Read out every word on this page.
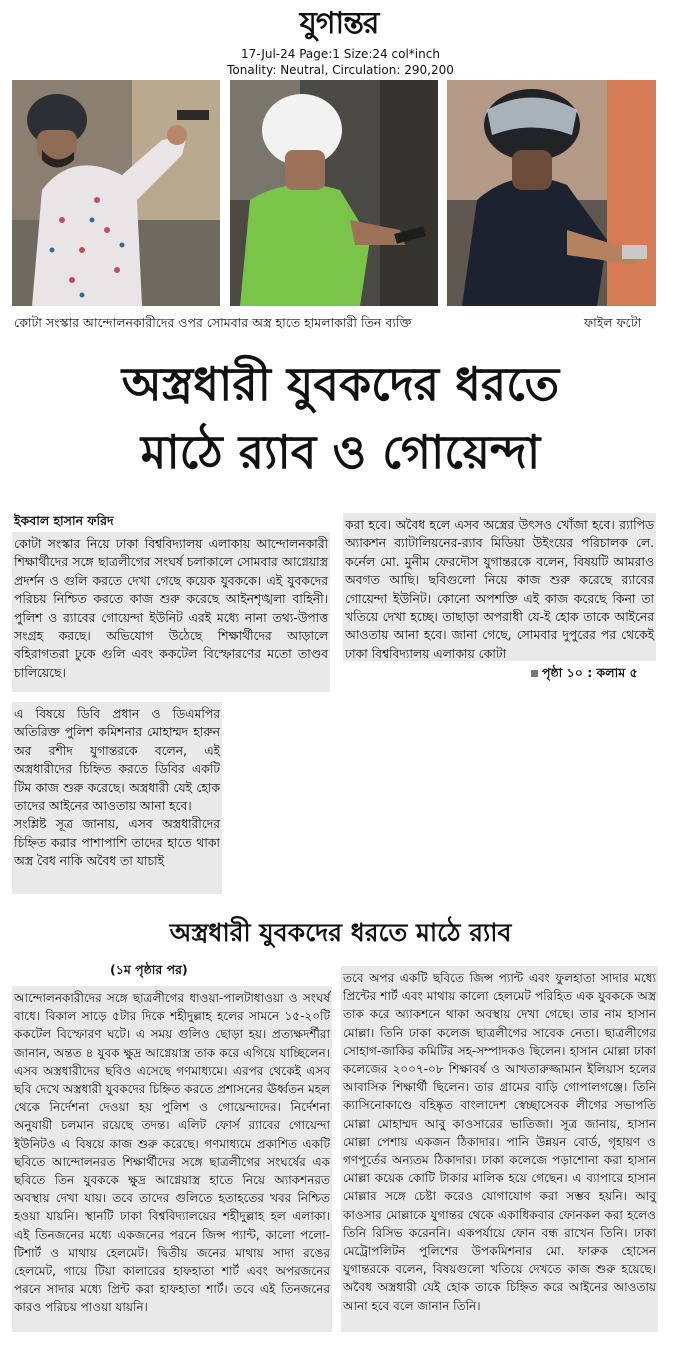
যুগান্তর
17-Jul-24 Page:1 Size:24 col*inch
Tonality: Neutral, Circulation: 290,200
কোটা সংস্কার আন্দোলনকারীদের ওপর সোমবার অস্ত্র হাতে হামলাকারী তিন ব্যক্তি	ফাইল ফটো
অস্ত্রধারী যুবকদের ধরতে
মাঠে র‌্যাব ও গোয়েন্দা
ইকবাল হাসান ফরিদ

কোটা সংস্কার নিয়ে ঢাকা বিশ্ববিদ্যালয় এলাকায় আন্দোলনকারী শিক্ষার্থীদের সঙ্গে ছাত্রলীগের সংঘর্ষ চলাকালে সোমবার আগ্নেয়াস্ত্র প্রদর্শন ও গুলি করতে দেখা গেছে কয়েক যুবককে। এই যুবকদের পরিচয় নিশ্চিত করতে কাজ শুরু করেছে আইনশৃঙ্খলা বাহিনী। পুলিশ ও র‌্যাবের গোয়েন্দা ইউনিট এরই মধ্যে নানা তথ্য-উপাত্ত সংগ্রহ করছে। অভিযোগ উঠেছে শিক্ষার্থীদের আড়ালে বহিরাগতরা ঢুকে গুলি এবং ককটেল বিস্ফোরণের মতো তাণ্ডব চালিয়েছে।

এ বিষয়ে ডিবি প্রধান ও ডিএমপির অতিরিক্ত পুলিশ কমিশনার মোহাম্মদ হারুন অর রশীদ যুগান্তরকে বলেন, এই অস্ত্রধারীদের চিহ্নিত করতে ডিবির একটি টিম কাজ শুরু করেছে। অস্ত্রধারী যেই হোক তাদের আইনের আওতায় আনা হবে।

সংশ্লিষ্ট সূত্র জানায়, এসব অস্ত্রধারীদের চিহ্নিত করার পাশাপাশি তাদের হাতে থাকা অস্ত্র বৈধ নাকি অবৈধ তা যাচাই

করা হবে। অবৈধ হলে এসব অস্ত্রের উৎসও খোঁজা হবে। র‌্যাপিড অ্যাকশন ব্যাটালিয়নের-র‌্যাব মিডিয়া উইংয়ের পরিচালক লে. কর্নেল মো. মুনীম ফেরদৌস যুগান্তরকে বলেন, বিষয়টি আমরাও অবগত আছি। ছবিগুলো নিয়ে কাজ শুরু করেছে র‌্যাবের গোয়েন্দা ইউনিট। কোনো অপশক্তি এই কাজ করেছে কিনা তা খতিয়ে দেখা হচ্ছে। তাছাড়া অপরাধী যে-ই হোক তাকে আইনের আওতায় আনা হবে। জানা গেছে, সোমবার দুপুরের পর থেকেই ঢাকা বিশ্ববিদ্যালয় এলাকায় কোটা

পৃষ্ঠা ১০ : কলাম ৫
অস্ত্রধারী যুবকদের ধরতে মাঠে র‌্যাব
(১ম পৃষ্ঠার পর)

আন্দোলনকারীদের সঙ্গে ছাত্রলীগের ধাওয়া-পালটাধাওয়া ও সংঘর্ষ বাধে। বিকাল সাড়ে ৫টার দিকে শহীদুল্লাহ হলের সামনে ১৫-২০টি ককটেল বিস্ফোরণ ঘটে। এ সময় গুলিও ছোড়া হয়। প্রত্যক্ষদর্শীরা জানান, অন্তত ৪ যুবক ক্ষুদ্র আগ্নেয়াস্ত্র তাক করে এগিয়ে যাচ্ছিলেন। এসব অস্ত্রধারীদের ছবিও এসেছে গণমাধ্যমে। এরপর থেকেই এসব ছবি দেখে অস্ত্রধারী যুবকদের চিহ্নিত করতে প্রশাসনের ঊর্ধ্বতন মহল থেকে নির্দেশনা দেওয়া হয় পুলিশ ও গোয়েন্দাদের। নির্দেশনা অনুযায়ী চলমান রয়েছে তদন্ত। এলিট ফোর্স র‌্যাবের গোয়েন্দা ইউনিটও এ বিষয়ে কাজ শুরু করেছে। গণমাধ্যমে প্রকাশিত একটি ছবিতে আন্দোলনরত শিক্ষার্থীদের সঙ্গে ছাত্রলীগের সংঘর্ষের এক ছবিতে তিন যুবককে ক্ষুদ্র আগ্নেয়াস্ত্র হাতে নিয়ে অ্যাকশনরত অবস্থায় দেখা যায়। তবে তাদের গুলিতে হতাহতের খবর নিশ্চিত হওয়া যায়নি। স্থানটি ঢাকা বিশ্ববিদ্যালয়ের শহীদুল্লাহ হল এলাকা। এই তিনজনের মধ্যে একজনের পরনে জিন্স প্যান্ট, কালো পলো-টিশার্ট ও মাথায় হেলমেট। দ্বিতীয় জনের মাথায় সাদা রঙের হেলমেট, গায়ে টিয়া কালারের হাফহাতা শার্ট এবং অপরজনের পরনে সাদার মধ্যে প্রিন্ট করা হাফহাতা শার্ট। তবে এই তিনজনের কারও পরিচয় পাওয়া যায়নি।

তবে অপর একটি ছবিতে জিন্স প্যান্ট এবং ফুলহাতা সাদার মধ্যে প্রিন্টের শার্ট এবং মাথায় কালো হেলমেট পরিহিত এক যুবককে অস্ত্র তাক করে অ্যাকশনে থাকা অবস্থায় দেখা গেছে। তার নাম হাসান মোল্লা। তিনি ঢাকা কলেজ ছাত্রলীগের সাবেক নেতা। ছাত্রলীগের সোহাগ-জাকির কমিটির সহ-সম্পাদকও ছিলেন। হাসান মোল্লা ঢাকা কলেজের ২০০৭-০৮ শিক্ষাবর্ষ ও আখতারুজ্জামান ইলিয়াস হলের আবাসিক শিক্ষার্থী ছিলেন। তার গ্রামের বাড়ি গোপালগঞ্জে। তিনি ক্যাসিনোকাণ্ডে বহিষ্কৃত বাংলাদেশ স্বেচ্ছাসেবক লীগের সভাপতি মোল্লা মোহাম্মদ আবু কাওসারের ভাতিজা। সূত্র জানায়, হাসান মোল্লা পেশায় একজন ঠিকাদার। পানি উন্নয়ন বোর্ড, গৃহায়ণ ও গণপূর্তের অন্যতম ঠিকাদার। ঢাকা কলেজে পড়াশোনা করা হাসান মোল্লা কয়েক কোটি টাকার মালিক হয়ে গেছেন। এ ব্যাপারে হাসান মোল্লার সঙ্গে চেষ্টা করেও যোগাযোগ করা সম্ভব হয়নি। আবু কাওসার মোল্লাকে যুগান্তর থেকে একাধিকবার ফোনকল করা হলেও তিনি রিসিভ করেননি। একপর্যায়ে ফোন বন্ধ রাখেন তিনি। ঢাকা মেট্রোপলিটন পুলিশের উপকমিশনার মো. ফারুক হোসেন যুগান্তরকে বলেন, বিষয়গুলো খতিয়ে দেখতে কাজ শুরু হয়েছে। অবৈধ অস্ত্রধারী যেই হোক তাকে চিহ্নিত করে আইনের আওতায় আনা হবে বলে জানান তিনি।
